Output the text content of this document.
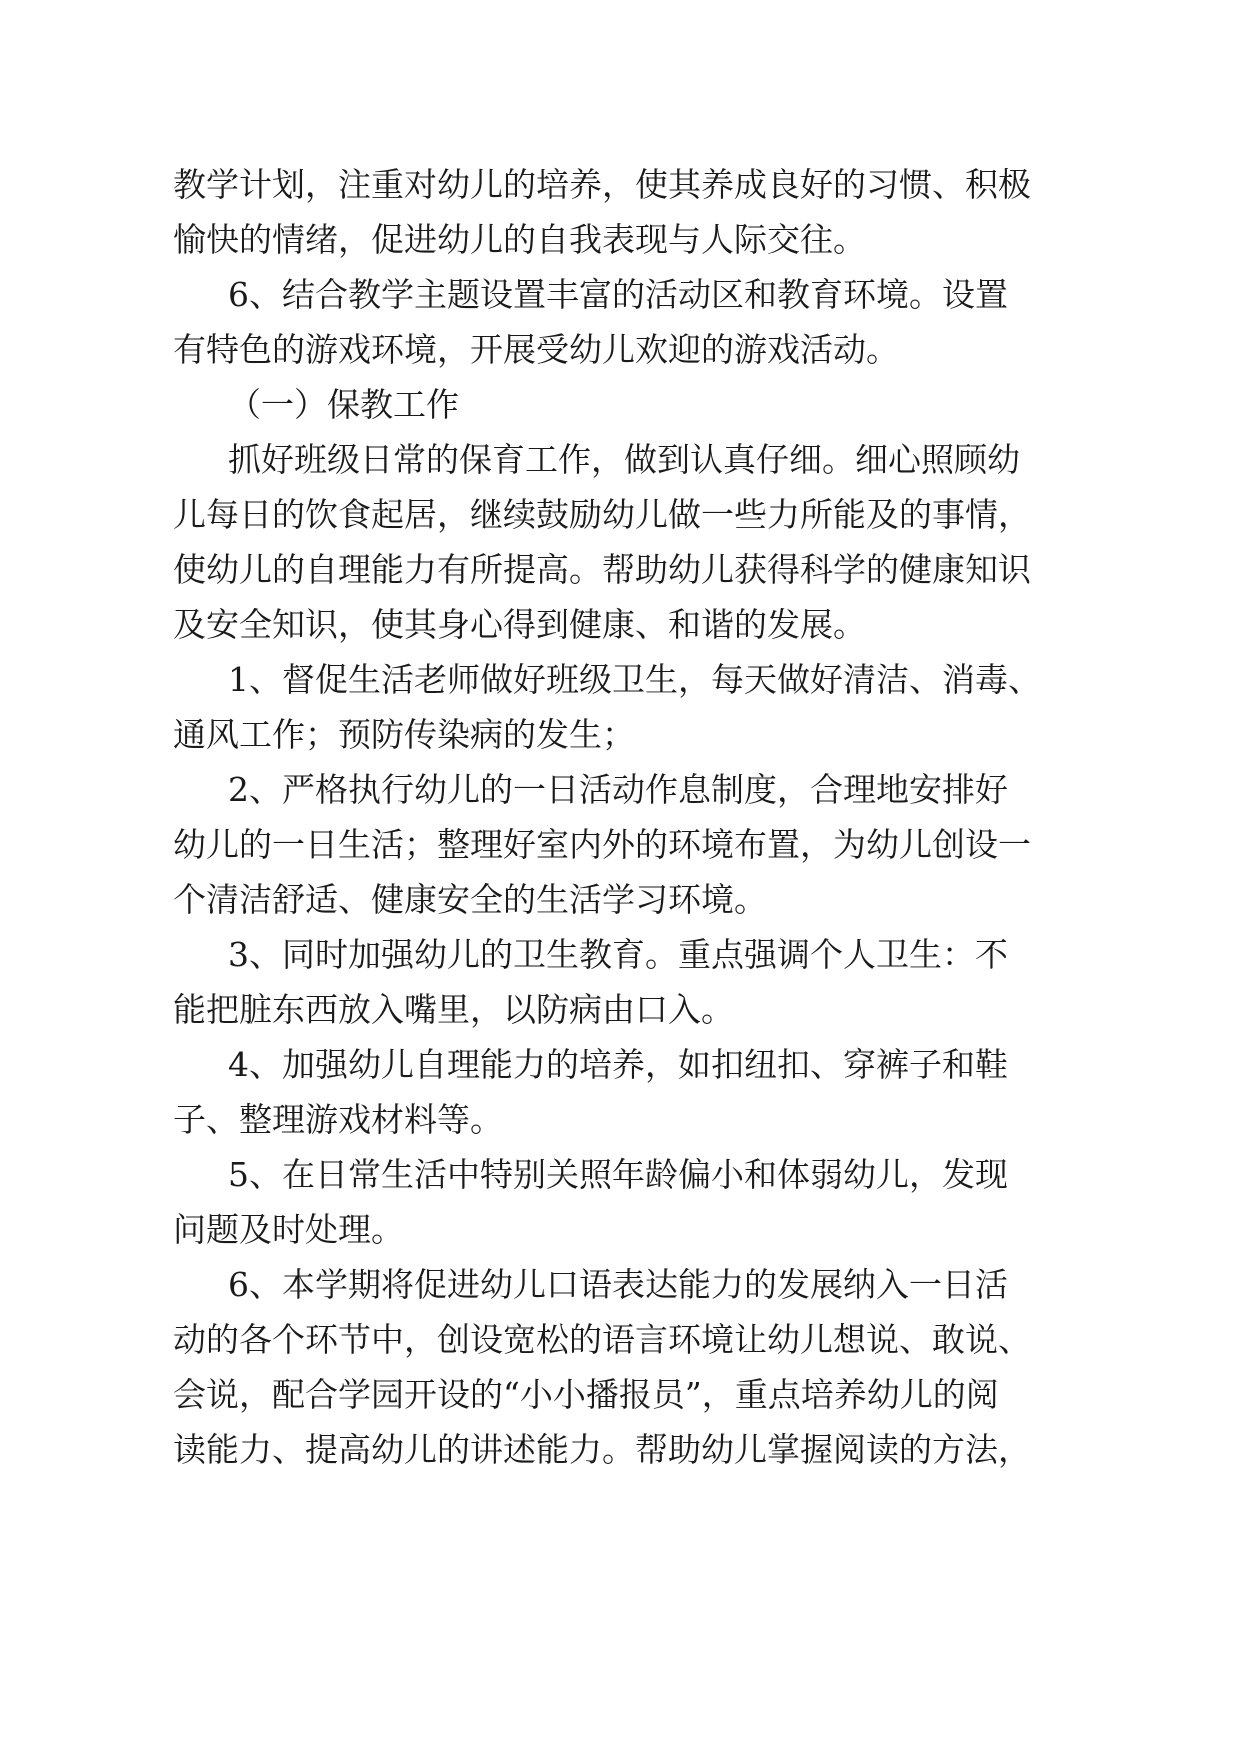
教学计划，注重对幼儿的培养，使其养成良好的习惯、积极
愉快的情绪，促进幼儿的自我表现与人际交往。
6、结合教学主题设置丰富的活动区和教育环境。设置
有特色的游戏环境，开展受幼儿欢迎的游戏活动。
（一）保教工作
抓好班级日常的保育工作，做到认真仔细。细心照顾幼
儿每日的饮食起居，继续鼓励幼儿做一些力所能及的事情，
使幼儿的自理能力有所提高。帮助幼儿获得科学的健康知识
及安全知识，使其身心得到健康、和谐的发展。
1、督促生活老师做好班级卫生，每天做好清洁、消毒、
通风工作；预防传染病的发生；
2、严格执行幼儿的一日活动作息制度，合理地安排好
幼儿的一日生活；整理好室内外的环境布置，为幼儿创设一
个清洁舒适、健康安全的生活学习环境。
3、同时加强幼儿的卫生教育。重点强调个人卫生：不
能把脏东西放入嘴里，以防病由口入。
4、加强幼儿自理能力的培养，如扣纽扣、穿裤子和鞋
子、整理游戏材料等。
5、在日常生活中特别关照年龄偏小和体弱幼儿，发现
问题及时处理。
6、本学期将促进幼儿口语表达能力的发展纳入一日活
动的各个环节中，创设宽松的语言环境让幼儿想说、敢说、
会说，配合学园开设的“小小播报员”，重点培养幼儿的阅
读能力、提高幼儿的讲述能力。帮助幼儿掌握阅读的方法，
